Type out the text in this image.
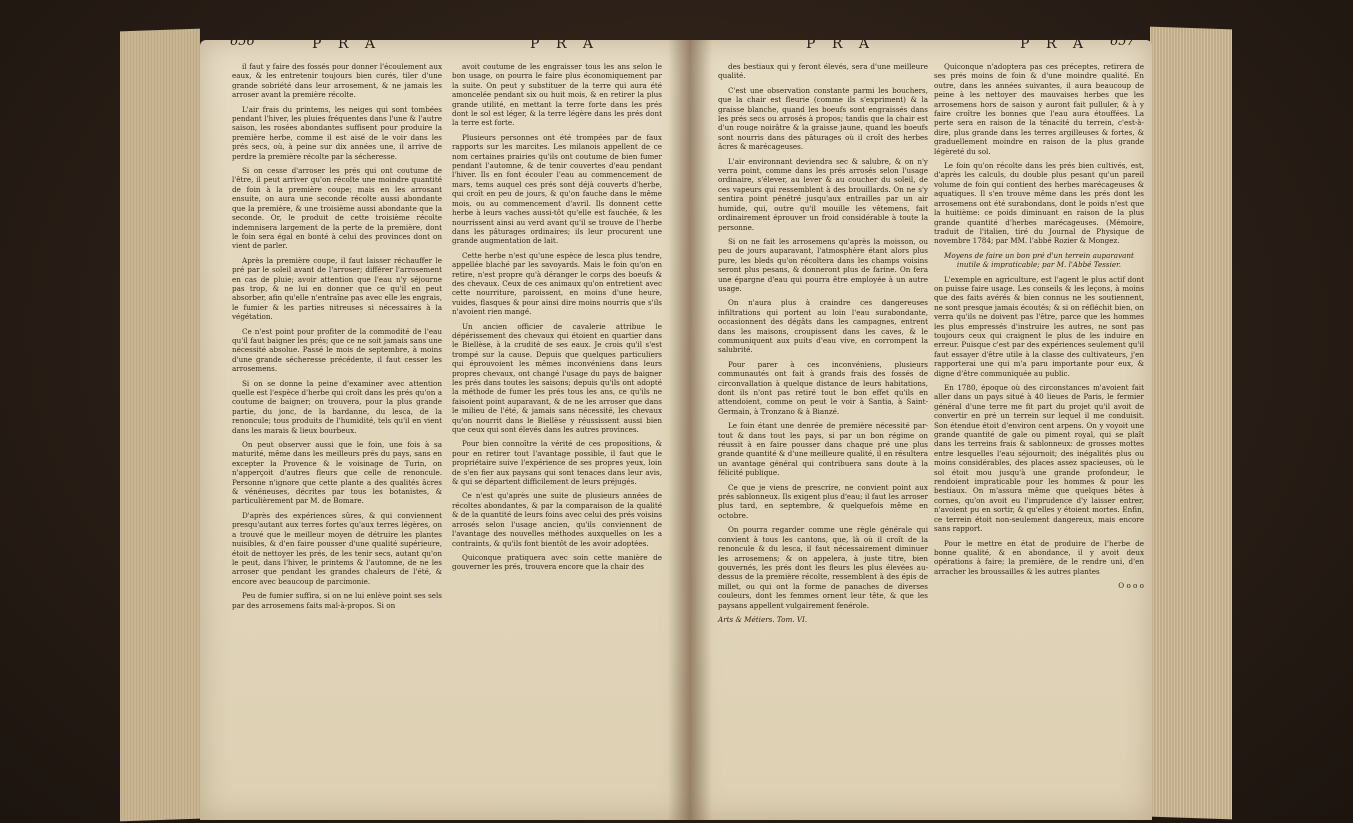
656	P R A	P R A

il faut y faire des fossés pour donner l'écoulement aux eaux, & les entretenir toujours bien curés, tiler d'une grande sobriété dans leur arrosement, & ne jamais les arroser avant la première récolte.

L'air frais du printems, les neiges qui sont tombées pendant l'hiver, les pluies fréquentes dans l'une & l'autre saison, les rosées abondantes suffisent pour produire la première herbe, comme il est aisé de le voir dans les prés secs, où, à peine sur dix années une, il arrive de perdre la première récolte par la sécheresse.

Si on cesse d'arroser les prés qui ont coutume de l'être, il peut arriver qu'on récolte une moindre quantité de foin à la première coupe; mais en les arrosant ensuite, on aura une seconde récolte aussi abondante que la première, & une troisième aussi abondante que la seconde. Or, le produit de cette troisième récolte indemnisera largement de la perte de la première, dont le foin sera égal en bonté à celui des provinces dont on vient de parler.

Après la première coupe, il faut laisser réchauffer le pré par le soleil avant de l'arroser; différer l'arrosement en cas de pluie; avoir attention que l'eau n'y séjourne pas trop, & ne lui en donner que ce qu'il en peut absorber, afin qu'elle n'entraîne pas avec elle les engrais, le fumier & les parties nitreuses si nécessaires à la végétation.

Ce n'est point pour profiter de la commodité de l'eau qu'il faut baigner les prés; que ce ne soit jamais sans une nécessité absolue. Passé le mois de septembre, à moins d'une grande sécheresse précédente, il faut cesser les arrosemens.

Si on se donne la peine d'examiner avec attention quelle est l'espèce d'herbe qui croît dans les prés qu'on a coutume de baigner; on trouvera, pour la plus grande partie, du jonc, de la bardanne, du lesca, de la renoncule; tous produits de l'humidité, tels qu'il en vient dans les marais & lieux bourbeux.

On peut observer aussi que le foin, une fois à sa maturité, même dans les meilleurs prés du pays, sans en excepter la Provence & le voisinage de Turin, on n'apperçoit d'autres fleurs que celle de renoncule. Personne n'ignore que cette plante a des qualités âcres & vénéneuses, décrites par tous les botanistes, & particulièrement par M. de Bomare.

D'après des expériences sûres, & qui conviennent presqu'autant aux terres fortes qu'aux terres légères, on a trouvé que le meilleur moyen de détruire les plantes nuisibles, & d'en faire pousser d'une qualité supérieure, étoit de nettoyer les prés, de les tenir secs, autant qu'on le peut, dans l'hiver, le printems & l'automne, de ne les arroser que pendant les grandes chaleurs de l'été, & encore avec beaucoup de parcimonie.

Peu de fumier suffira, si on ne lui enlève point ses sels par des arrosemens faits mal-à-propos. Si on

avoit coutume de les engraisser tous les ans selon le bon usage, on pourra le faire plus économiquement par la suite. On peut y substituer de la terre qui aura été amoncelée pendant six ou huit mois, & en retirer la plus grande utilité, en mettant la terre forte dans les prés dont le sol est léger, & la terre légère dans les prés dont la terre est forte.

Plusieurs personnes ont été trompées par de faux rapports sur les marcites. Les milanois appellent de ce nom certaines prairies qu'ils ont coutume de bien fumer pendant l'automne, & de tenir couvertes d'eau pendant l'hiver. Ils en font écouler l'eau au commencement de mars, tems auquel ces prés sont déjà couverts d'herbe, qui croît en peu de jours, & qu'on fauche dans le même mois, ou au commencement d'avril. Ils donnent cette herbe à leurs vaches aussi-tôt qu'elle est fauchée, & les nourrissent ainsi au verd avant qu'il se trouve de l'herbe dans les pâturages ordinaires; ils leur procurent une grande augmentation de lait.

Cette herbe n'est qu'une espèce de lesca plus tendre, appellée blaché par les savoyards. Mais le foin qu'on en retire, n'est propre qu'à déranger le corps des boeufs & des chevaux. Ceux de ces animaux qu'on entretient avec cette nourriture, paroissent, en moins d'une heure, vuides, flasques & pour ainsi dire moins nourris que s'ils n'avoient rien mangé.

Un ancien officier de cavalerie attribue le dépérissement des chevaux qui étoient en quartier dans le Biellèse, à la crudité de ses eaux. Je crois qu'il s'est trompé sur la cause. Depuis que quelques particuliers qui éprouvoient les mêmes inconvéniens dans leurs propres chevaux, ont changé l'usage du pays de baigner les prés dans toutes les saisons; depuis qu'ils ont adopté la méthode de fumer les prés tous les ans, ce qu'ils ne faisoient point auparavant, & de ne les arroser que dans le milieu de l'été, & jamais sans nécessité, les chevaux qu'on nourrit dans le Biellèse y réussissent aussi bien que ceux qui sont élevés dans les autres provinces.

Pour bien connoître la vérité de ces propositions, & pour en retirer tout l'avantage possible, il faut que le propriétaire suive l'expérience de ses propres yeux, loin de s'en fier aux paysans qui sont tenaces dans leur avis, & qui se départent difficilement de leurs préjugés.

Ce n'est qu'après une suite de plusieurs années de récoltes abondantes, & par la comparaison de la qualité & de la quantité de leurs foins avec celui des prés voisins arrosés selon l'usage ancien, qu'ils conviennent de l'avantage des nouvelles méthodes auxquelles on les a contraints, & qu'ils font bientôt de les avoir adoptées.

Quiconque pratiquera avec soin cette manière de gouverner les prés, trouvera encore que la chair des

P R A	P R A 657

des bestiaux qui y feront élevés, sera d'une meilleure qualité.

C'est une observation constante parmi les bouchers, que la chair est fleurie (comme ils s'expriment) & la graisse blanche, quand les boeufs sont engraissés dans les prés secs ou arrosés à propos; tandis que la chair est d'un rouge noirâtre & la graisse jaune, quand les boeufs sont nourris dans des pâturages où il croît des herbes âcres & marécageuses.

L'air environnant deviendra sec & salubre, & on n'y verra point, comme dans les prés arrosés selon l'usage ordinaire, s'élever, au lever & au coucher du soleil, de ces vapeurs qui ressemblent à des brouillards. On ne s'y sentira point pénétré jusqu'aux entrailles par un air humide, qui, outre qu'il mouille les vêtemens, fait ordinairement éprouver un froid considérable à toute la personne.

Si on ne fait les arrosemens qu'après la moisson, ou peu de jours auparavant, l'atmosphère étant alors plus pure, les bleds qu'on récoltera dans les champs voisins seront plus pesans, & donneront plus de farine. On fera une épargne d'eau qui pourra être employée à un autre usage.

On n'aura plus à craindre ces dangereuses infiltrations qui portent au loin l'eau surabondante, occasionnent des dégâts dans les campagnes, entrent dans les maisons, croupissent dans les caves, & le communiquent aux puits d'eau vive, en corrompent la salubrité.

Pour parer à ces inconvéniens, plusieurs communautés ont fait à grands frais des fossés de circonvallation à quelque distance de leurs habitations, dont ils n'ont pas retiré tout le bon effet qu'ils en attendoient, comme on peut le voir à Santia, à Saint-Germain, à Tronzano & à Bianzé.

Le foin étant une denrée de première nécessité par-tout & dans tout les pays, si par un bon régime on réussit à en faire pousser dans chaque pré une plus grande quantité & d'une meilleure qualité, il en résultera un avantage général qui contribuera sans doute à la félicité publique.

Ce que je viens de prescrire, ne convient point aux prés sablonneux. Ils exigent plus d'eau; il faut les arroser plus tard, en septembre, & quelquefois même en octobre.

On pourra regarder comme une règle générale qui convient à tous les cantons, que, là où il croît de la renoncule & du lesca, il faut nécessairement diminuer les arrosemens; & on appelera, à juste titre, bien gouvernés, les prés dont les fleurs les plus élevées au-dessus de la première récolte, ressemblent à des épis de millet, ou qui ont la forme de panaches de diverses couleurs, dont les femmes ornent leur tête, & que les paysans appellent vulgairement fenérole.

Arts & Métiers. Tom. VI.

Quiconque n'adoptera pas ces préceptes, retirera de ses prés moins de foin & d'une moindre qualité. En outre, dans les années suivantes, il aura beaucoup de peine à les nettoyer des mauvaises herbes que les arrosemens hors de saison y auront fait pulluler, & à y faire croître les bonnes que l'eau aura étouffées. La perte sera en raison de la ténacité du terrein, c'est-à-dire, plus grande dans les terres argilleuses & fortes, & graduellement moindre en raison de la plus grande légèreté du sol.

Le foin qu'on récolte dans les prés bien cultivés, est, d'après les calculs, du double plus pesant qu'un pareil volume de foin qui contient des herbes marécageuses & aquatiques. Il s'en trouve même dans les prés dont les arrosemens ont été surabondans, dont le poids n'est que la huitième: ce poids diminuant en raison de la plus grande quantité d'herbes marécageuses. (Mémoire, traduit de l'italien, tiré du Journal de Physique de novembre 1784; par MM. l'abbé Rozier & Mongez.

Moyens de faire un bon pré d'un terrein auparavant inutile & impraticable; par M. l'Abbé Tessier.

L'exemple en agriculture, est l'agent le plus actif dont on puisse faire usage. Les conseils & les leçons, à moins que des faits avérés & bien connus ne les soutiennent, ne sont presque jamais écoutés; & si on réfléchit bien, on verra qu'ils ne doivent pas l'être, parce que les hommes les plus empressés d'instruire les autres, ne sont pas toujours ceux qui craignent le plus de les induire en erreur. Puisque c'est par des expériences seulement qu'il faut essayer d'être utile à la classe des cultivateurs, j'en rapporterai une qui m'a paru importante pour eux, & digne d'être communiquée au public.

En 1780, époque où des circonstances m'avoient fait aller dans un pays situé à 40 lieues de Paris, le fermier général d'une terre me fit part du projet qu'il avoit de convertir en pré un terrein sur lequel il me conduisit. Son étendue étoit d'environ cent arpens. On y voyoit une grande quantité de gale ou piment royal, qui se plaît dans les terreins frais & sablonneux: de grosses mottes entre lesquelles l'eau séjournoit; des inégalités plus ou moins considérables, des places assez spacieuses, où le sol étoit mou jusqu'à une grande profondeur, le rendoient impraticable pour les hommes & pour les bestiaux. On m'assura même que quelques bêtes à cornes, qu'on avoit eu l'imprudence d'y laisser entrer, n'avoient pu en sortir, & qu'elles y étoient mortes. Enfin, ce terrein étoit non-seulement dangereux, mais encore sans rapport.

Pour le mettre en état de produire de l'herbe de bonne qualité, & en abondance, il y avoit deux opérations à faire; la première, de le rendre uni, d'en arracher les broussailles & les autres plantes

O o o o
